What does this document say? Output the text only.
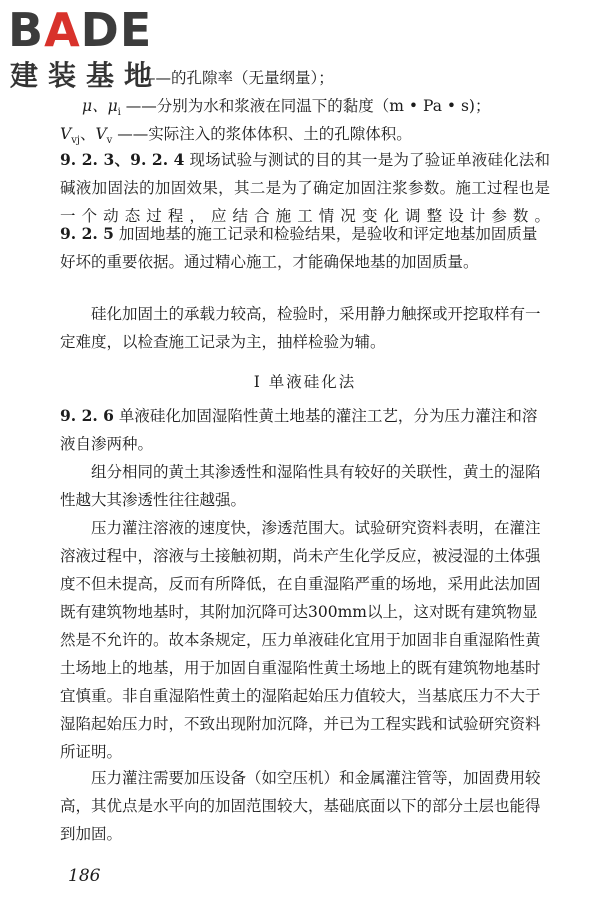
BADE
建装基地
——的孔隙率（无量纲量）；
μ、$\mu_i$ ——分别为水和浆液在同温下的黏度（m • Pa • s)；
$V_{vj}$、$V_v$ ——实际注入的浆体体积、土的孔隙体积。

9. 2. 3、9. 2. 4 现场试验与测试的目的其一是为了验证单液硅化法和碱液加固法的加固效果，其二是为了确定加固注浆参数。施工过程也是一个动态过程，应结合施工情况变化调整设计参数。

9. 2. 5 加固地基的施工记录和检验结果，是验收和评定地基加固质量好坏的重要依据。通过精心施工，才能确保地基的加固质量。

硅化加固土的承载力较高，检验时，采用静力触探或开挖取样有一定难度，以检查施工记录为主，抽样检验为辅。

Ⅰ 单液硅化法

9. 2. 6 单液硅化加固湿陷性黄土地基的灌注工艺，分为压力灌注和溶液自渗两种。

组分相同的黄土其渗透性和湿陷性具有较好的关联性，黄土的湿陷性越大其渗透性往往越强。

压力灌注溶液的速度快，渗透范围大。试验研究资料表明，在灌注溶液过程中，溶液与土接触初期，尚未产生化学反应，被浸湿的土体强度不但未提高，反而有所降低，在自重湿陷严重的场地，采用此法加固既有建筑物地基时，其附加沉降可达300mm以上，这对既有建筑物显然是不允许的。故本条规定，压力单液硅化宜用于加固非自重湿陷性黄土场地上的地基，用于加固自重湿陷性黄土场地上的既有建筑物地基时宜慎重。非自重湿陷性黄土的湿陷起始压力值较大，当基底压力不大于湿陷起始压力时，不致出现附加沉降，并已为工程实践和试验研究资料所证明。

压力灌注需要加压设备（如空压机）和金属灌注管等，加固费用较高，其优点是水平向的加固范围较大，基础底面以下的部分土层也能得到加固。

186
